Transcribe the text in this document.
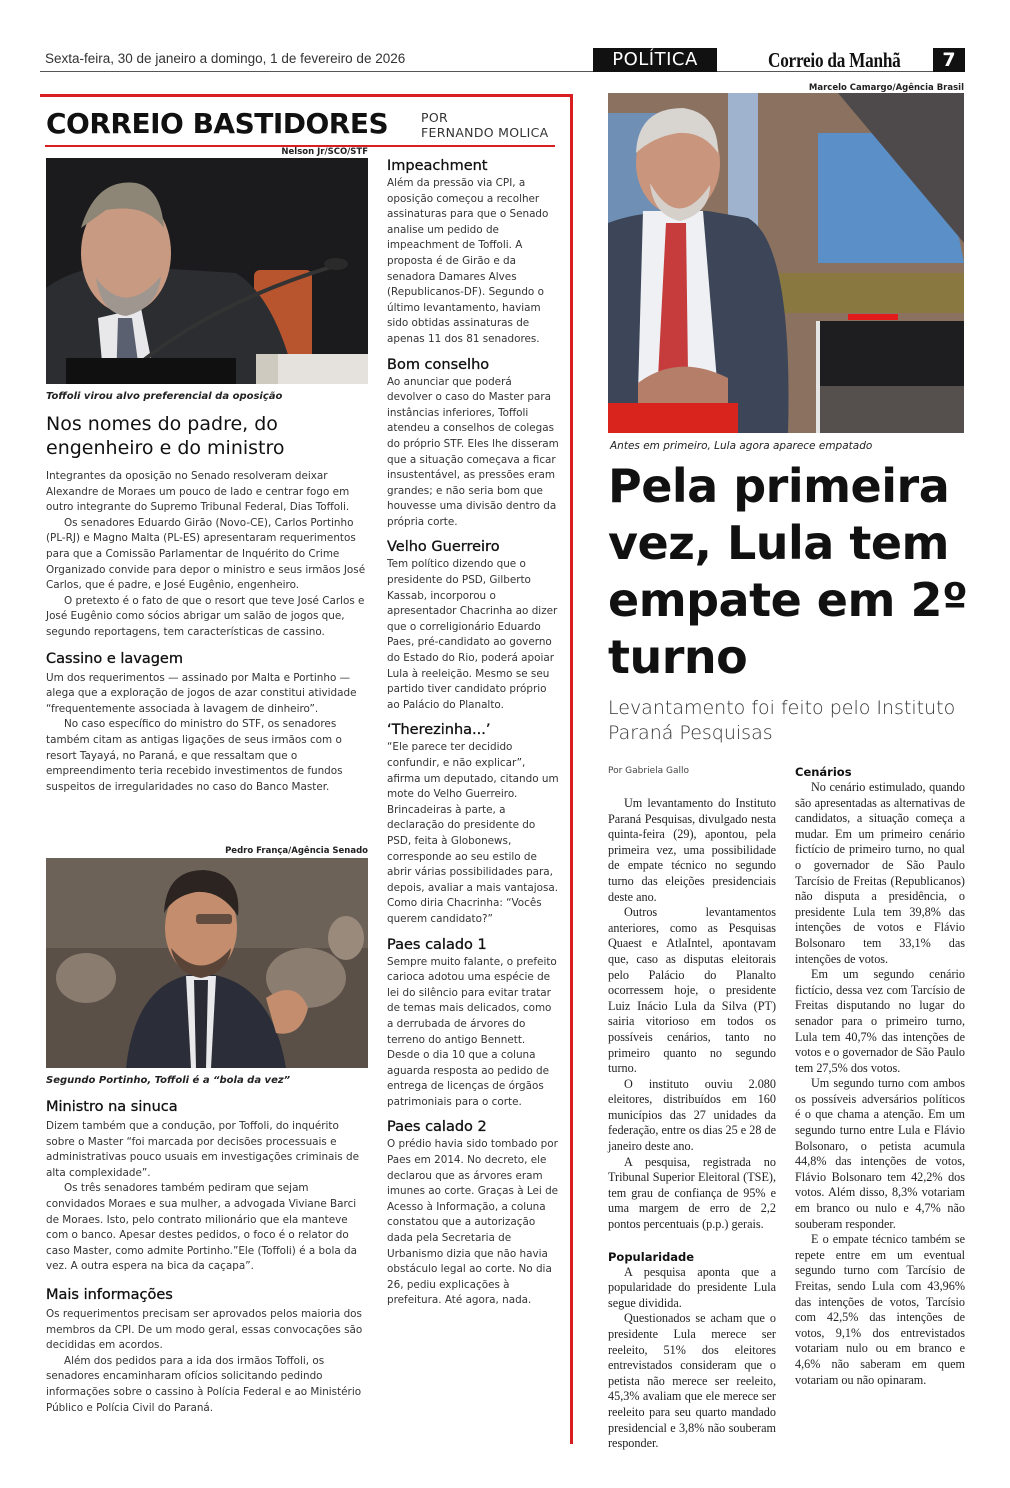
Sexta-feira, 30 de janeiro a domingo, 1 de fevereiro de 2026	POLÍTICA	Correio da Manhã	7
CORREIO BASTIDORES	POR
FERNANDO MOLICA
Nelson Jr/SCO/STF
Toffoli virou alvo preferencial da oposição
Nos nomes do padre, do engenheiro e do ministro

Integrantes da oposição no Senado resolveram deixar Alexandre de Moraes um pouco de lado e centrar fogo em outro integrante do Supremo Tribunal Federal, Dias Toffoli.

Os senadores Eduardo Girão (Novo-CE), Carlos Portinho (PL-RJ) e Magno Malta (PL-ES) apresentaram requerimentos para que a Comissão Parlamentar de Inquérito do Crime Organizado convide para depor o ministro e seus irmãos José Carlos, que é padre, e José Eugênio, engenheiro.

O pretexto é o fato de que o resort que teve José Carlos e José Eugênio como sócios abrigar um salão de jogos que, segundo reportagens, tem características de cassino.

Cassino e lavagem

Um dos requerimentos — assinado por Malta e Portinho — alega que a exploração de jogos de azar constitui atividade “frequentemente associada à lavagem de dinheiro”.

No caso específico do ministro do STF, os senadores também citam as antigas ligações de seus irmãos com o resort Tayayá, no Paraná, e que ressaltam que o empreendimento teria recebido investimentos de fundos suspeitos de irregularidades no caso do Banco Master.

Pedro França/Agência Senado
Segundo Portinho, Toffoli é a “bola da vez”
Ministro na sinuca

Dizem também que a condução, por Toffoli, do inquérito sobre o Master “foi marcada por decisões processuais e administrativas pouco usuais em investigações criminais de alta complexidade”.

Os três senadores também pediram que sejam convidados Moraes e sua mulher, a advogada Viviane Barci de Moraes. Isto, pelo contrato milionário que ela manteve com o banco. Apesar destes pedidos, o foco é o relator do caso Master, como admite Portinho.”Ele (Toffoli) é a bola da vez. A outra espera na bica da caçapa”.

Mais informações

Os requerimentos precisam ser aprovados pelos maioria dos membros da CPI. De um modo geral, essas convocações são decididas em acordos.

Além dos pedidos para a ida dos irmãos Toffoli, os senadores encaminharam ofícios solicitando pedindo informações sobre o cassino à Polícia Federal e ao Ministério Público e Polícia Civil do Paraná.

Impeachment

Além da pressão via CPI, a oposição começou a recolher assinaturas para que o Senado analise um pedido de impeachment de Toffoli. A proposta é de Girão e da senadora Damares Alves (Republicanos-DF). Segundo o último levantamento, haviam sido obtidas assinaturas de apenas 11 dos 81 senadores.

Bom conselho

Ao anunciar que poderá devolver o caso do Master para instâncias inferiores, Toffoli atendeu a conselhos de colegas do próprio STF. Eles lhe disseram que a situação começava a ficar insustentável, as pressões eram grandes; e não seria bom que houvesse uma divisão dentro da própria corte.

Velho Guerreiro

Tem político dizendo que o presidente do PSD, Gilberto Kassab, incorporou o apresentador Chacrinha ao dizer que o correligionário Eduardo Paes, pré-candidato ao governo do Estado do Rio, poderá apoiar Lula à reeleição. Mesmo se seu partido tiver candidato próprio ao Palácio do Planalto.

‘Therezinha...’

“Ele parece ter decidido confundir, e não explicar”, afirma um deputado, citando um mote do Velho Guerreiro. Brincadeiras à parte, a declaração do presidente do PSD, feita à Globonews, corresponde ao seu estilo de abrir várias possibilidades para, depois, avaliar a mais vantajosa. Como diria Chacrinha: “Vocês querem candidato?”

Paes calado 1

Sempre muito falante, o prefeito carioca adotou uma espécie de lei do silêncio para evitar tratar de temas mais delicados, como a derrubada de árvores do terreno do antigo Bennett. Desde o dia 10 que a coluna aguarda resposta ao pedido de entrega de licenças de órgãos patrimoniais para o corte.

Paes calado 2

O prédio havia sido tombado por Paes em 2014. No decreto, ele declarou que as árvores eram imunes ao corte. Graças à Lei de Acesso à Informação, a coluna constatou que a autorização dada pela Secretaria de Urbanismo dizia que não havia obstáculo legal ao corte. No dia 26, pediu explicações à prefeitura. Até agora, nada.

Marcelo Camargo/Agência Brasil
Antes em primeiro, Lula agora aparece empatado
Pela primeira vez, Lula tem empate em 2º turno
Levantamento foi feito pelo Instituto Paraná Pesquisas
Por Gabriela Gallo

Um levantamento do Instituto Paraná Pesquisas, divulgado nesta quinta-feira (29), apontou, pela primeira vez, uma possibilidade de empate técnico no segundo turno das eleições presidenciais deste ano.

Outros levantamentos anteriores, como as Pesquisas Quaest e AtlaIntel, apontavam que, caso as disputas eleitorais pelo Palácio do Planalto ocorressem hoje, o presidente Luiz Inácio Lula da Silva (PT) sairia vitorioso em todos os possíveis cenários, tanto no primeiro quanto no segundo turno.

O instituto ouviu 2.080 eleitores, distribuídos em 160 municípios das 27 unidades da federação, entre os dias 25 e 28 de janeiro deste ano.

A pesquisa, registrada no Tribunal Superior Eleitoral (TSE), tem grau de confiança de 95% e uma margem de erro de 2,2 pontos percentuais (p.p.) gerais.

Popularidade

A pesquisa aponta que a popularidade do presidente Lula segue dividida.

Questionados se acham que o presidente Lula merece ser reeleito, 51% dos eleitores entrevistados consideram que o petista não merece ser reeleito, 45,3% avaliam que ele merece ser reeleito para seu quarto mandado presidencial e 3,8% não souberam responder.

Cenários

No cenário estimulado, quando são apresentadas as alternativas de candidatos, a situação começa a mudar. Em um primeiro cenário fictício de primeiro turno, no qual o governador de São Paulo Tarcísio de Freitas (Republicanos) não disputa a presidência, o presidente Lula tem 39,8% das intenções de votos e Flávio Bolsonaro tem 33,1% das intenções de votos.

Em um segundo cenário fictício, dessa vez com Tarcísio de Freitas disputando no lugar do senador para o primeiro turno, Lula tem 40,7% das intenções de votos e o governador de São Paulo tem 27,5% dos votos.

Um segundo turno com ambos os possíveis adversários políticos é o que chama a atenção. Em um segundo turno entre Lula e Flávio Bolsonaro, o petista acumula 44,8% das intenções de votos, Flávio Bolsonaro tem 42,2% dos votos. Além disso, 8,3% votariam em branco ou nulo e 4,7% não souberam responder.

E o empate técnico também se repete entre em um eventual segundo turno com Tarcísio de Freitas, sendo Lula com 43,96% das intenções de votos, Tarcísio com 42,5% das intenções de votos, 9,1% dos entrevistados votariam nulo ou em branco e 4,6% não saberam em quem votariam ou não opinaram.
